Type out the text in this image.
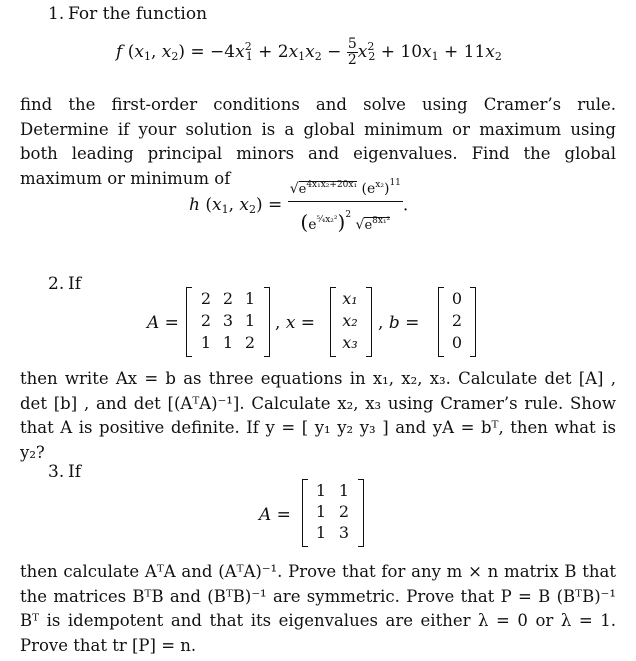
1. For the function
f ($x_1$, $x_2) = -4x^2_1 + 2x_1x_2 - \frac{5}{2} x^2_2 + 10x_1 + 11x_2$
find the first-order conditions and solve using Cramer’s rule. Determine if your solution is a global minimum or maximum using both leading principal minors and eigenvalues. Find the global maximum or minimum of
h ($x_1$, $x_2) = \frac{√e^{4x_1x_2+20x_1} (e^{x_2})^{11}}{(e^{^5⁄_4x_2^2})^2 √e^{8x_1^2}}$ .
2. If
A =
2 2 1
2 3 1
1 1 2
, x =
x₁
x₂
x₃
, b =
0
2
0
then write Ax = b as three equations in x₁, x₂, x₃. Calculate det [A] , det [b] , and det [(AᵀA)⁻¹]. Calculate x₂, x₃ using Cramer’s rule. Show that A is positive definite. If y = [ y₁ y₂ y₃ ] and yA = bᵀ, then what is y₂?
3. If
A =
1 1
1 2
1 3
then calculate AᵀA and (AᵀA)⁻¹. Prove that for any m × n matrix B that the matrices BᵀB and (BᵀB)⁻¹ are symmetric. Prove that P = B (BᵀB)⁻¹ Bᵀ is idempotent and that its eigenvalues are either λ = 0 or λ = 1. Prove that tr [P] = n.
